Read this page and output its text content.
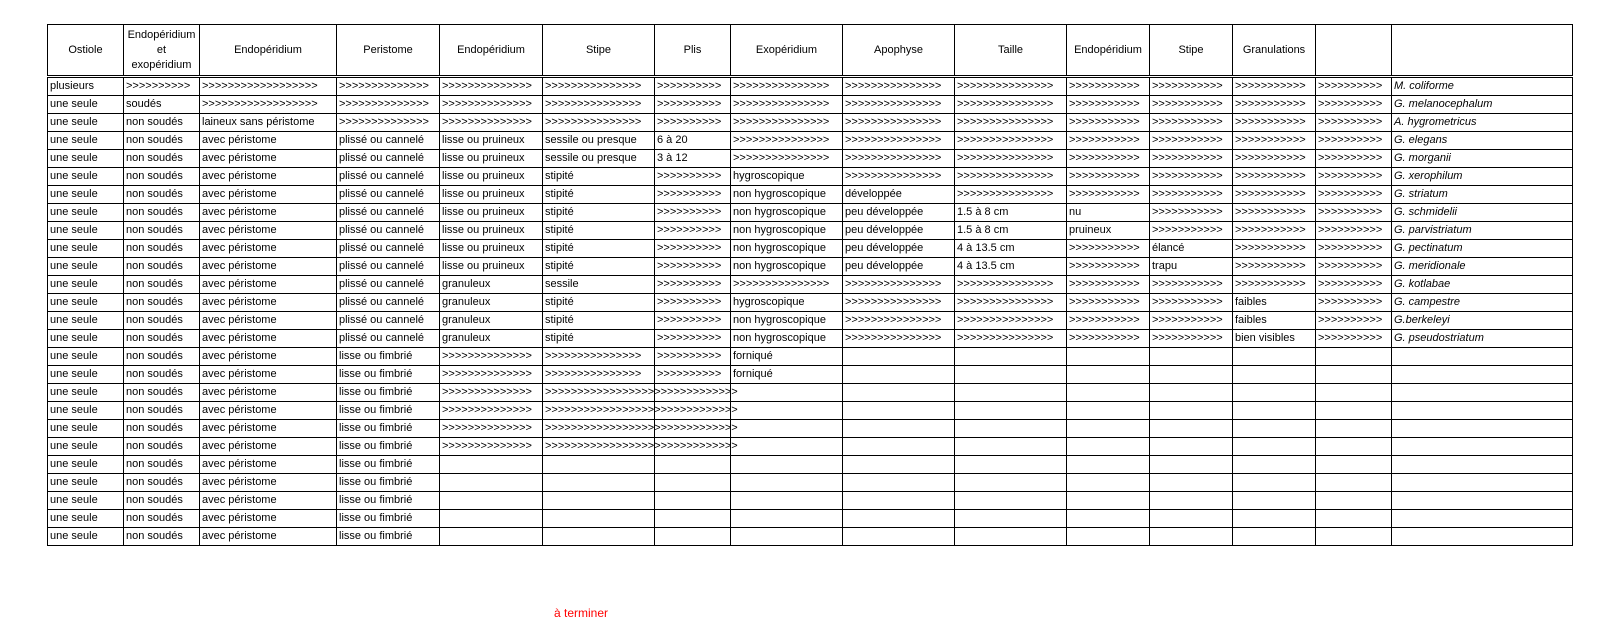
Ostiole	Endopéridium et exopéridium	Endopéridium	Peristome	Endopéridium	Stipe	Plis	Exopéridium	Apophyse	Taille	Endopéridium	Stipe	Granulations		
plusieurs	>>>>>>>>>>	>>>>>>>>>>>>>>>>>>	>>>>>>>>>>>>>>	>>>>>>>>>>>>>>	>>>>>>>>>>>>>>>	>>>>>>>>>>	>>>>>>>>>>>>>>>	>>>>>>>>>>>>>>>	>>>>>>>>>>>>>>>	>>>>>>>>>>>	>>>>>>>>>>>	>>>>>>>>>>>	>>>>>>>>>>	M. coliforme
une seule	soudés	>>>>>>>>>>>>>>>>>>	>>>>>>>>>>>>>>	>>>>>>>>>>>>>>	>>>>>>>>>>>>>>>	>>>>>>>>>>	>>>>>>>>>>>>>>>	>>>>>>>>>>>>>>>	>>>>>>>>>>>>>>>	>>>>>>>>>>>	>>>>>>>>>>>	>>>>>>>>>>>	>>>>>>>>>>	G. melanocephalum
une seule	non soudés	laineux sans péristome	>>>>>>>>>>>>>>	>>>>>>>>>>>>>>	>>>>>>>>>>>>>>>	>>>>>>>>>>	>>>>>>>>>>>>>>>	>>>>>>>>>>>>>>>	>>>>>>>>>>>>>>>	>>>>>>>>>>>	>>>>>>>>>>>	>>>>>>>>>>>	>>>>>>>>>>	A. hygrometricus
une seule	non soudés	avec péristome	plissé ou cannelé	lisse ou pruineux	sessile ou presque	6 à 20	>>>>>>>>>>>>>>>	>>>>>>>>>>>>>>>	>>>>>>>>>>>>>>>	>>>>>>>>>>>	>>>>>>>>>>>	>>>>>>>>>>>	>>>>>>>>>>	G. elegans
une seule	non soudés	avec péristome	plissé ou cannelé	lisse ou pruineux	sessile ou presque	3 à 12	>>>>>>>>>>>>>>>	>>>>>>>>>>>>>>>	>>>>>>>>>>>>>>>	>>>>>>>>>>>	>>>>>>>>>>>	>>>>>>>>>>>	>>>>>>>>>>	G. morganii
une seule	non soudés	avec péristome	plissé ou cannelé	lisse ou pruineux	stipité	>>>>>>>>>>	hygroscopique	>>>>>>>>>>>>>>>	>>>>>>>>>>>>>>>	>>>>>>>>>>>	>>>>>>>>>>>	>>>>>>>>>>>	>>>>>>>>>>	G. xerophilum
une seule	non soudés	avec péristome	plissé ou cannelé	lisse ou pruineux	stipité	>>>>>>>>>>	non hygroscopique	développée	>>>>>>>>>>>>>>>	>>>>>>>>>>>	>>>>>>>>>>>	>>>>>>>>>>>	>>>>>>>>>>	G. striatum
une seule	non soudés	avec péristome	plissé ou cannelé	lisse ou pruineux	stipité	>>>>>>>>>>	non hygroscopique	peu développée	1.5 à 8 cm	nu	>>>>>>>>>>>	>>>>>>>>>>>	>>>>>>>>>>	G. schmidelii
une seule	non soudés	avec péristome	plissé ou cannelé	lisse ou pruineux	stipité	>>>>>>>>>>	non hygroscopique	peu développée	1.5 à 8 cm	pruineux	>>>>>>>>>>>	>>>>>>>>>>>	>>>>>>>>>>	G. parvistriatum
une seule	non soudés	avec péristome	plissé ou cannelé	lisse ou pruineux	stipité	>>>>>>>>>>	non hygroscopique	peu développée	4 à 13.5 cm	>>>>>>>>>>>	élancé	>>>>>>>>>>>	>>>>>>>>>>	G. pectinatum
une seule	non soudés	avec péristome	plissé ou cannelé	lisse ou pruineux	stipité	>>>>>>>>>>	non hygroscopique	peu développée	4 à 13.5 cm	>>>>>>>>>>>	trapu	>>>>>>>>>>>	>>>>>>>>>>	G. meridionale
une seule	non soudés	avec péristome	plissé ou cannelé	granuleux	sessile	>>>>>>>>>>	>>>>>>>>>>>>>>>	>>>>>>>>>>>>>>>	>>>>>>>>>>>>>>>	>>>>>>>>>>>	>>>>>>>>>>>	>>>>>>>>>>>	>>>>>>>>>>	G. kotlabae
une seule	non soudés	avec péristome	plissé ou cannelé	granuleux	stipité	>>>>>>>>>>	hygroscopique	>>>>>>>>>>>>>>>	>>>>>>>>>>>>>>>	>>>>>>>>>>>	>>>>>>>>>>>	faibles	>>>>>>>>>>	G. campestre
une seule	non soudés	avec péristome	plissé ou cannelé	granuleux	stipité	>>>>>>>>>>	non hygroscopique	>>>>>>>>>>>>>>>	>>>>>>>>>>>>>>>	>>>>>>>>>>>	>>>>>>>>>>>	faibles	>>>>>>>>>>	G.berkeleyi
une seule	non soudés	avec péristome	plissé ou cannelé	granuleux	stipité	>>>>>>>>>>	non hygroscopique	>>>>>>>>>>>>>>>	>>>>>>>>>>>>>>>	>>>>>>>>>>>	>>>>>>>>>>>	bien visibles	>>>>>>>>>>	G. pseudostriatum
une seule	non soudés	avec péristome	lisse ou fimbrié	>>>>>>>>>>>>>>	>>>>>>>>>>>>>>>	>>>>>>>>>>	forniqué							
une seule	non soudés	avec péristome	lisse ou fimbrié	>>>>>>>>>>>>>>	>>>>>>>>>>>>>>>	>>>>>>>>>>	forniqué							
une seule	non soudés	avec péristome	lisse ou fimbrié	>>>>>>>>>>>>>>	>>>>>>>>>>>>>>>>>>>>>>>>>>>>>>									
une seule	non soudés	avec péristome	lisse ou fimbrié	>>>>>>>>>>>>>>	>>>>>>>>>>>>>>>>>>>>>>>>>>>>>>									
une seule	non soudés	avec péristome	lisse ou fimbrié	>>>>>>>>>>>>>>	>>>>>>>>>>>>>>>>>>>>>>>>>>>>>>									
une seule	non soudés	avec péristome	lisse ou fimbrié	>>>>>>>>>>>>>>	>>>>>>>>>>>>>>>>>>>>>>>>>>>>>>									
une seule	non soudés	avec péristome	lisse ou fimbrié											
une seule	non soudés	avec péristome	lisse ou fimbrié											
une seule	non soudés	avec péristome	lisse ou fimbrié											
une seule	non soudés	avec péristome	lisse ou fimbrié											
une seule	non soudés	avec péristome	lisse ou fimbrié											
à terminer
